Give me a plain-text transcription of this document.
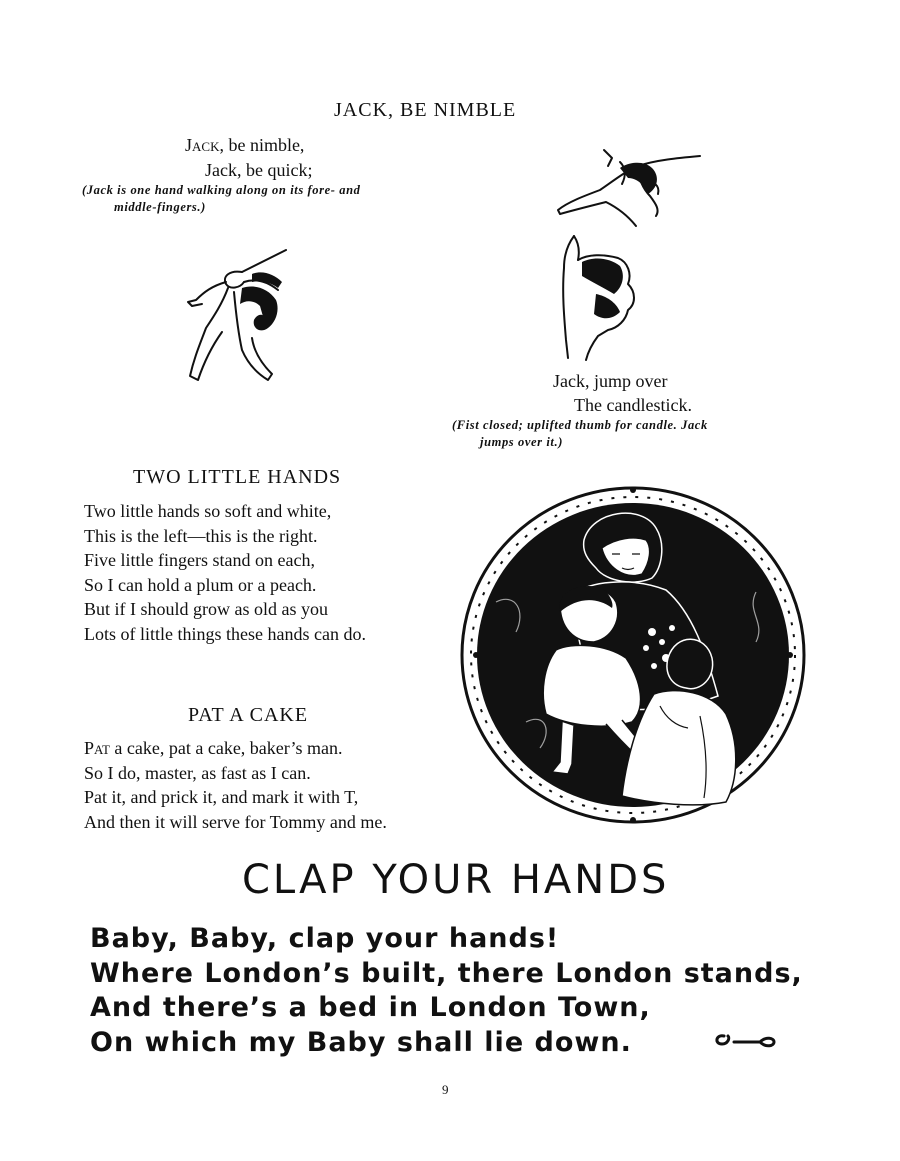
JACK, BE NIMBLE
Jack, be nimble,
Jack, be quick;
(Jack is one hand walking along on its fore- and
middle-fingers.)
Jack, jump over
The candlestick.
(Fist closed; uplifted thumb for candle. Jack
jumps over it.)
TWO LITTLE HANDS
Two little hands so soft and white,
This is the left—this is the right.
Five little fingers stand on each,
So I can hold a plum or a peach.
But if I should grow as old as you
Lots of little things these hands can do.
PAT A CAKE
Pat a cake, pat a cake, baker’s man.
So I do, master, as fast as I can.
Pat it, and prick it, and mark it with T,
And then it will serve for Tommy and me.
CLAP YOUR HANDS
Baby, Baby, clap your hands!
Where London’s built, there London stands,
And there’s a bed in London Town,
On which my Baby shall lie down.
9
